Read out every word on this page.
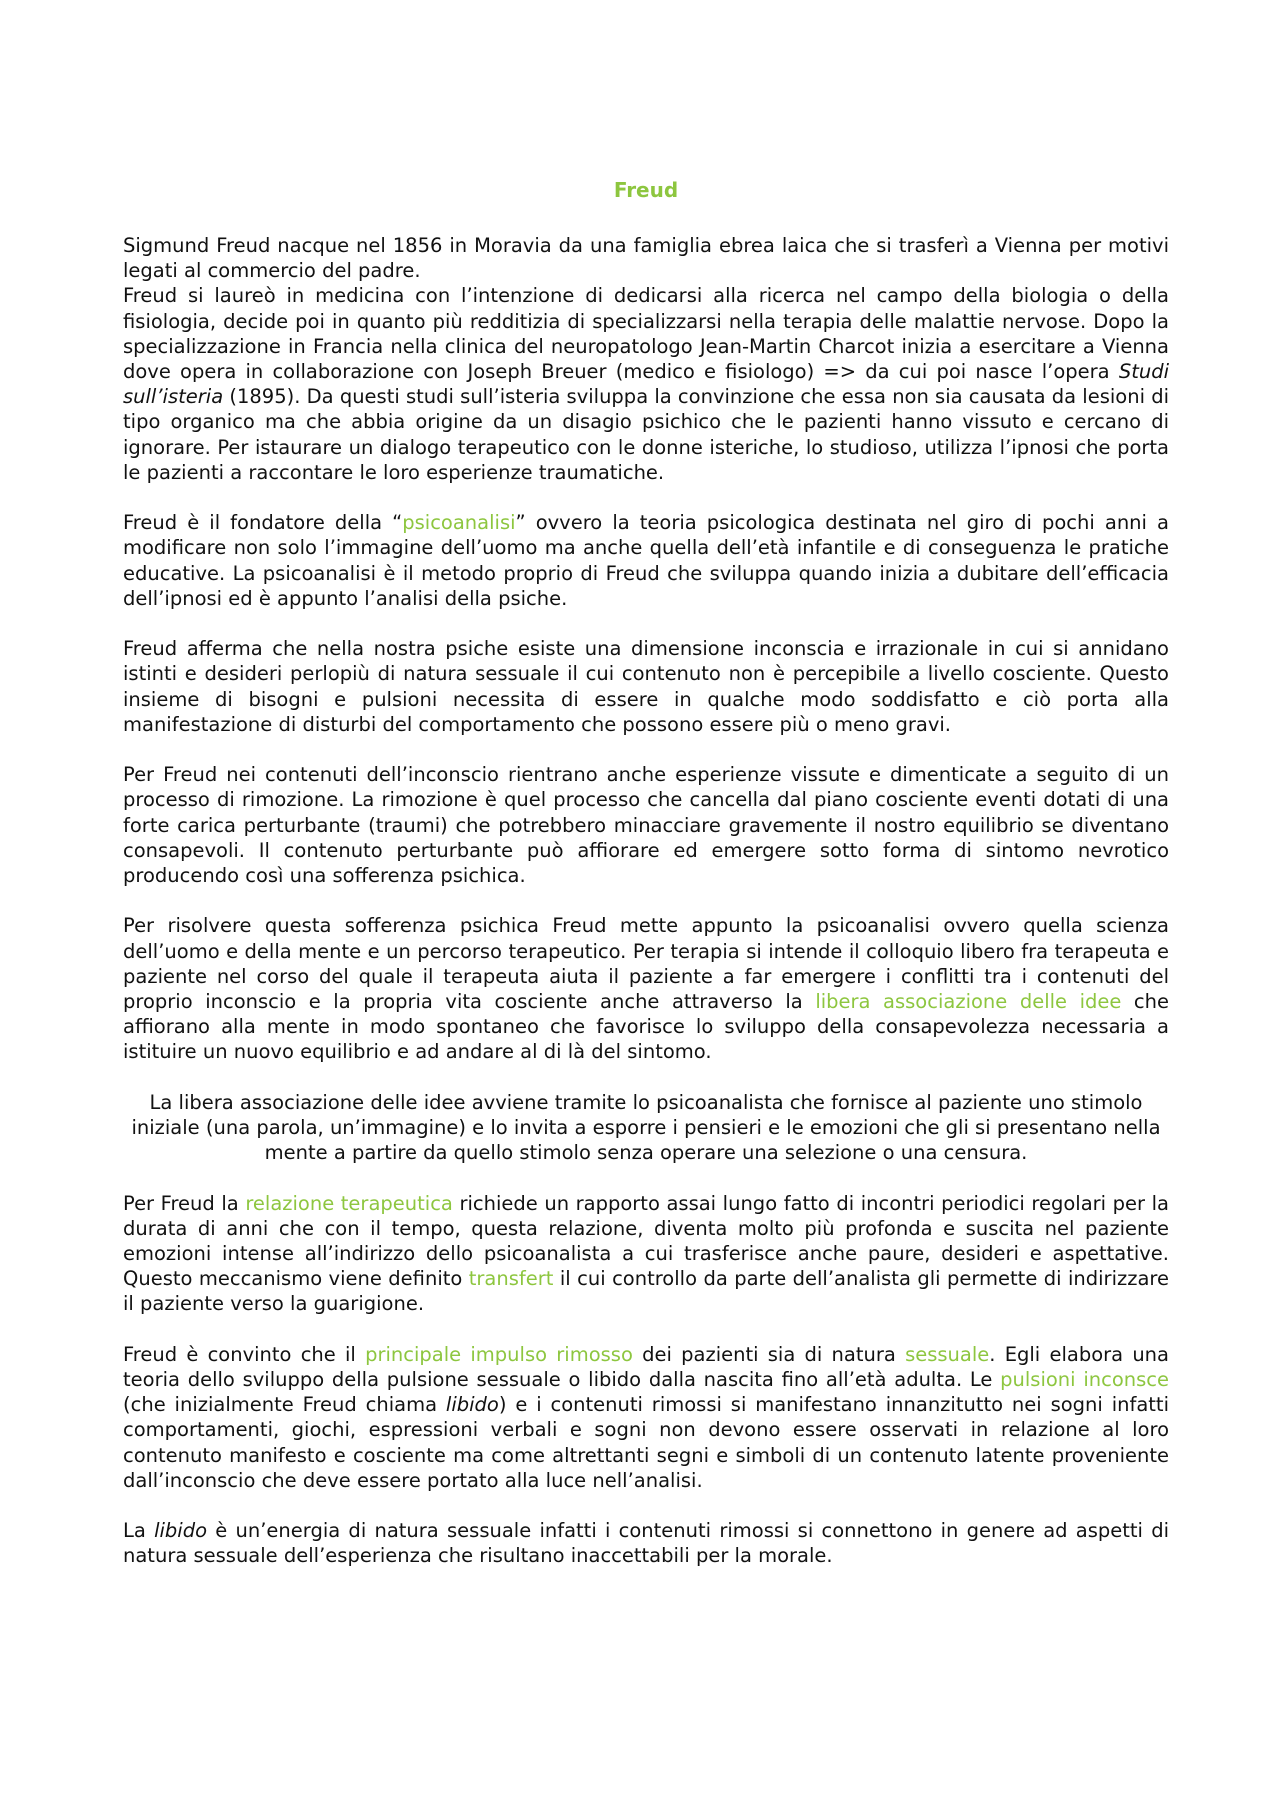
Freud

Sigmund Freud nacque nel 1856 in Moravia da una famiglia ebrea laica che si trasferì a Vienna per motivi legati al commercio del padre.

Freud si laureò in medicina con l’intenzione di dedicarsi alla ricerca nel campo della biologia o della fisiologia, decide poi in quanto più redditizia di specializzarsi nella terapia delle malattie nervose. Dopo la specializzazione in Francia nella clinica del neuropatologo Jean-Martin Charcot inizia a esercitare a Vienna dove opera in collaborazione con Joseph Breuer (medico e fisiologo) => da cui poi nasce l’opera Studi sull’isteria (1895). Da questi studi sull’isteria sviluppa la convinzione che essa non sia causata da lesioni di tipo organico ma che abbia origine da un disagio psichico che le pazienti hanno vissuto e cercano di ignorare. Per istaurare un dialogo terapeutico con le donne isteriche, lo studioso, utilizza l’ipnosi che porta le pazienti a raccontare le loro esperienze traumatiche.

Freud è il fondatore della “psicoanalisi” ovvero la teoria psicologica destinata nel giro di pochi anni a modificare non solo l’immagine dell’uomo ma anche quella dell’età infantile e di conseguenza le pratiche educative. La psicoanalisi è il metodo proprio di Freud che sviluppa quando inizia a dubitare dell’efficacia dell’ipnosi ed è appunto l’analisi della psiche.

Freud afferma che nella nostra psiche esiste una dimensione inconscia e irrazionale in cui si annidano istinti e desideri perlopiù di natura sessuale il cui contenuto non è percepibile a livello cosciente. Questo insieme di bisogni e pulsioni necessita di essere in qualche modo soddisfatto e ciò porta alla manifestazione di disturbi del comportamento che possono essere più o meno gravi.

Per Freud nei contenuti dell’inconscio rientrano anche esperienze vissute e dimenticate a seguito di un processo di rimozione. La rimozione è quel processo che cancella dal piano cosciente eventi dotati di una forte carica perturbante (traumi) che potrebbero minacciare gravemente il nostro equilibrio se diventano consapevoli. Il contenuto perturbante può affiorare ed emergere sotto forma di sintomo nevrotico producendo così una sofferenza psichica.

Per risolvere questa sofferenza psichica Freud mette appunto la psicoanalisi ovvero quella scienza dell’uomo e della mente e un percorso terapeutico. Per terapia si intende il colloquio libero fra terapeuta e paziente nel corso del quale il terapeuta aiuta il paziente a far emergere i conflitti tra i contenuti del proprio inconscio e la propria vita cosciente anche attraverso la libera associazione delle idee che affiorano alla mente in modo spontaneo che favorisce lo sviluppo della consapevolezza necessaria a istituire un nuovo equilibrio e ad andare al di là del sintomo.

La libera associazione delle idee avviene tramite lo psicoanalista che fornisce al paziente uno stimolo iniziale (una parola, un’immagine) e lo invita a esporre i pensieri e le emozioni che gli si presentano nella mente a partire da quello stimolo senza operare una selezione o una censura.

Per Freud la relazione terapeutica richiede un rapporto assai lungo fatto di incontri periodici regolari per la durata di anni che con il tempo, questa relazione, diventa molto più profonda e suscita nel paziente emozioni intense all’indirizzo dello psicoanalista a cui trasferisce anche paure, desideri e aspettative. Questo meccanismo viene definito transfert il cui controllo da parte dell’analista gli permette di indirizzare il paziente verso la guarigione.

Freud è convinto che il principale impulso rimosso dei pazienti sia di natura sessuale. Egli elabora una teoria dello sviluppo della pulsione sessuale o libido dalla nascita fino all’età adulta. Le pulsioni inconsce (che inizialmente Freud chiama libido) e i contenuti rimossi si manifestano innanzitutto nei sogni infatti comportamenti, giochi, espressioni verbali e sogni non devono essere osservati in relazione al loro contenuto manifesto e cosciente ma come altrettanti segni e simboli di un contenuto latente proveniente dall’inconscio che deve essere portato alla luce nell’analisi.

La libido è un’energia di natura sessuale infatti i contenuti rimossi si connettono in genere ad aspetti di natura sessuale dell’esperienza che risultano inaccettabili per la morale.
